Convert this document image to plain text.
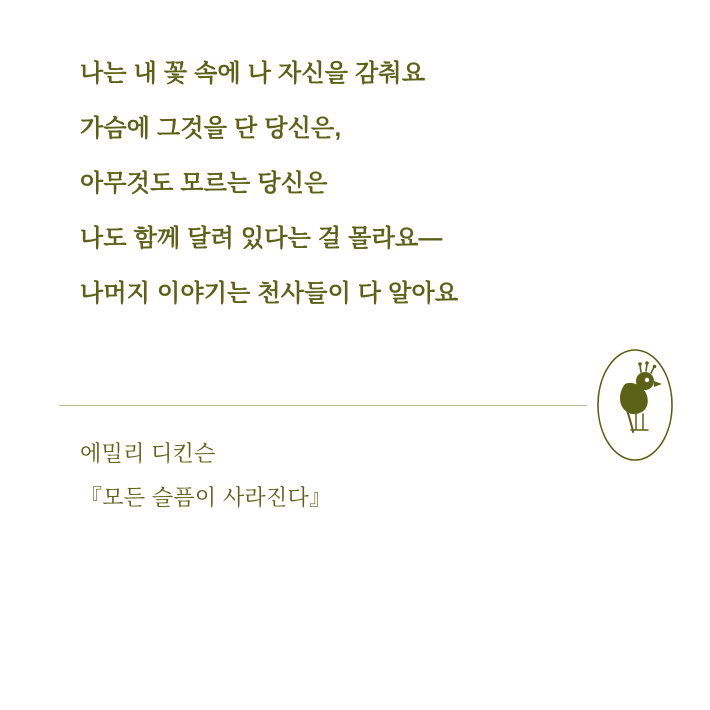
나는 내 꽃 속에 나 자신을 감춰요
가슴에 그것을 단 당신은,
아무것도 모르는 당신은
나도 함께 달려 있다는 걸 몰라요—
나머지 이야기는 천사들이 다 알아요
에밀리 디킨슨
『모든 슬픔이 사라진다』
